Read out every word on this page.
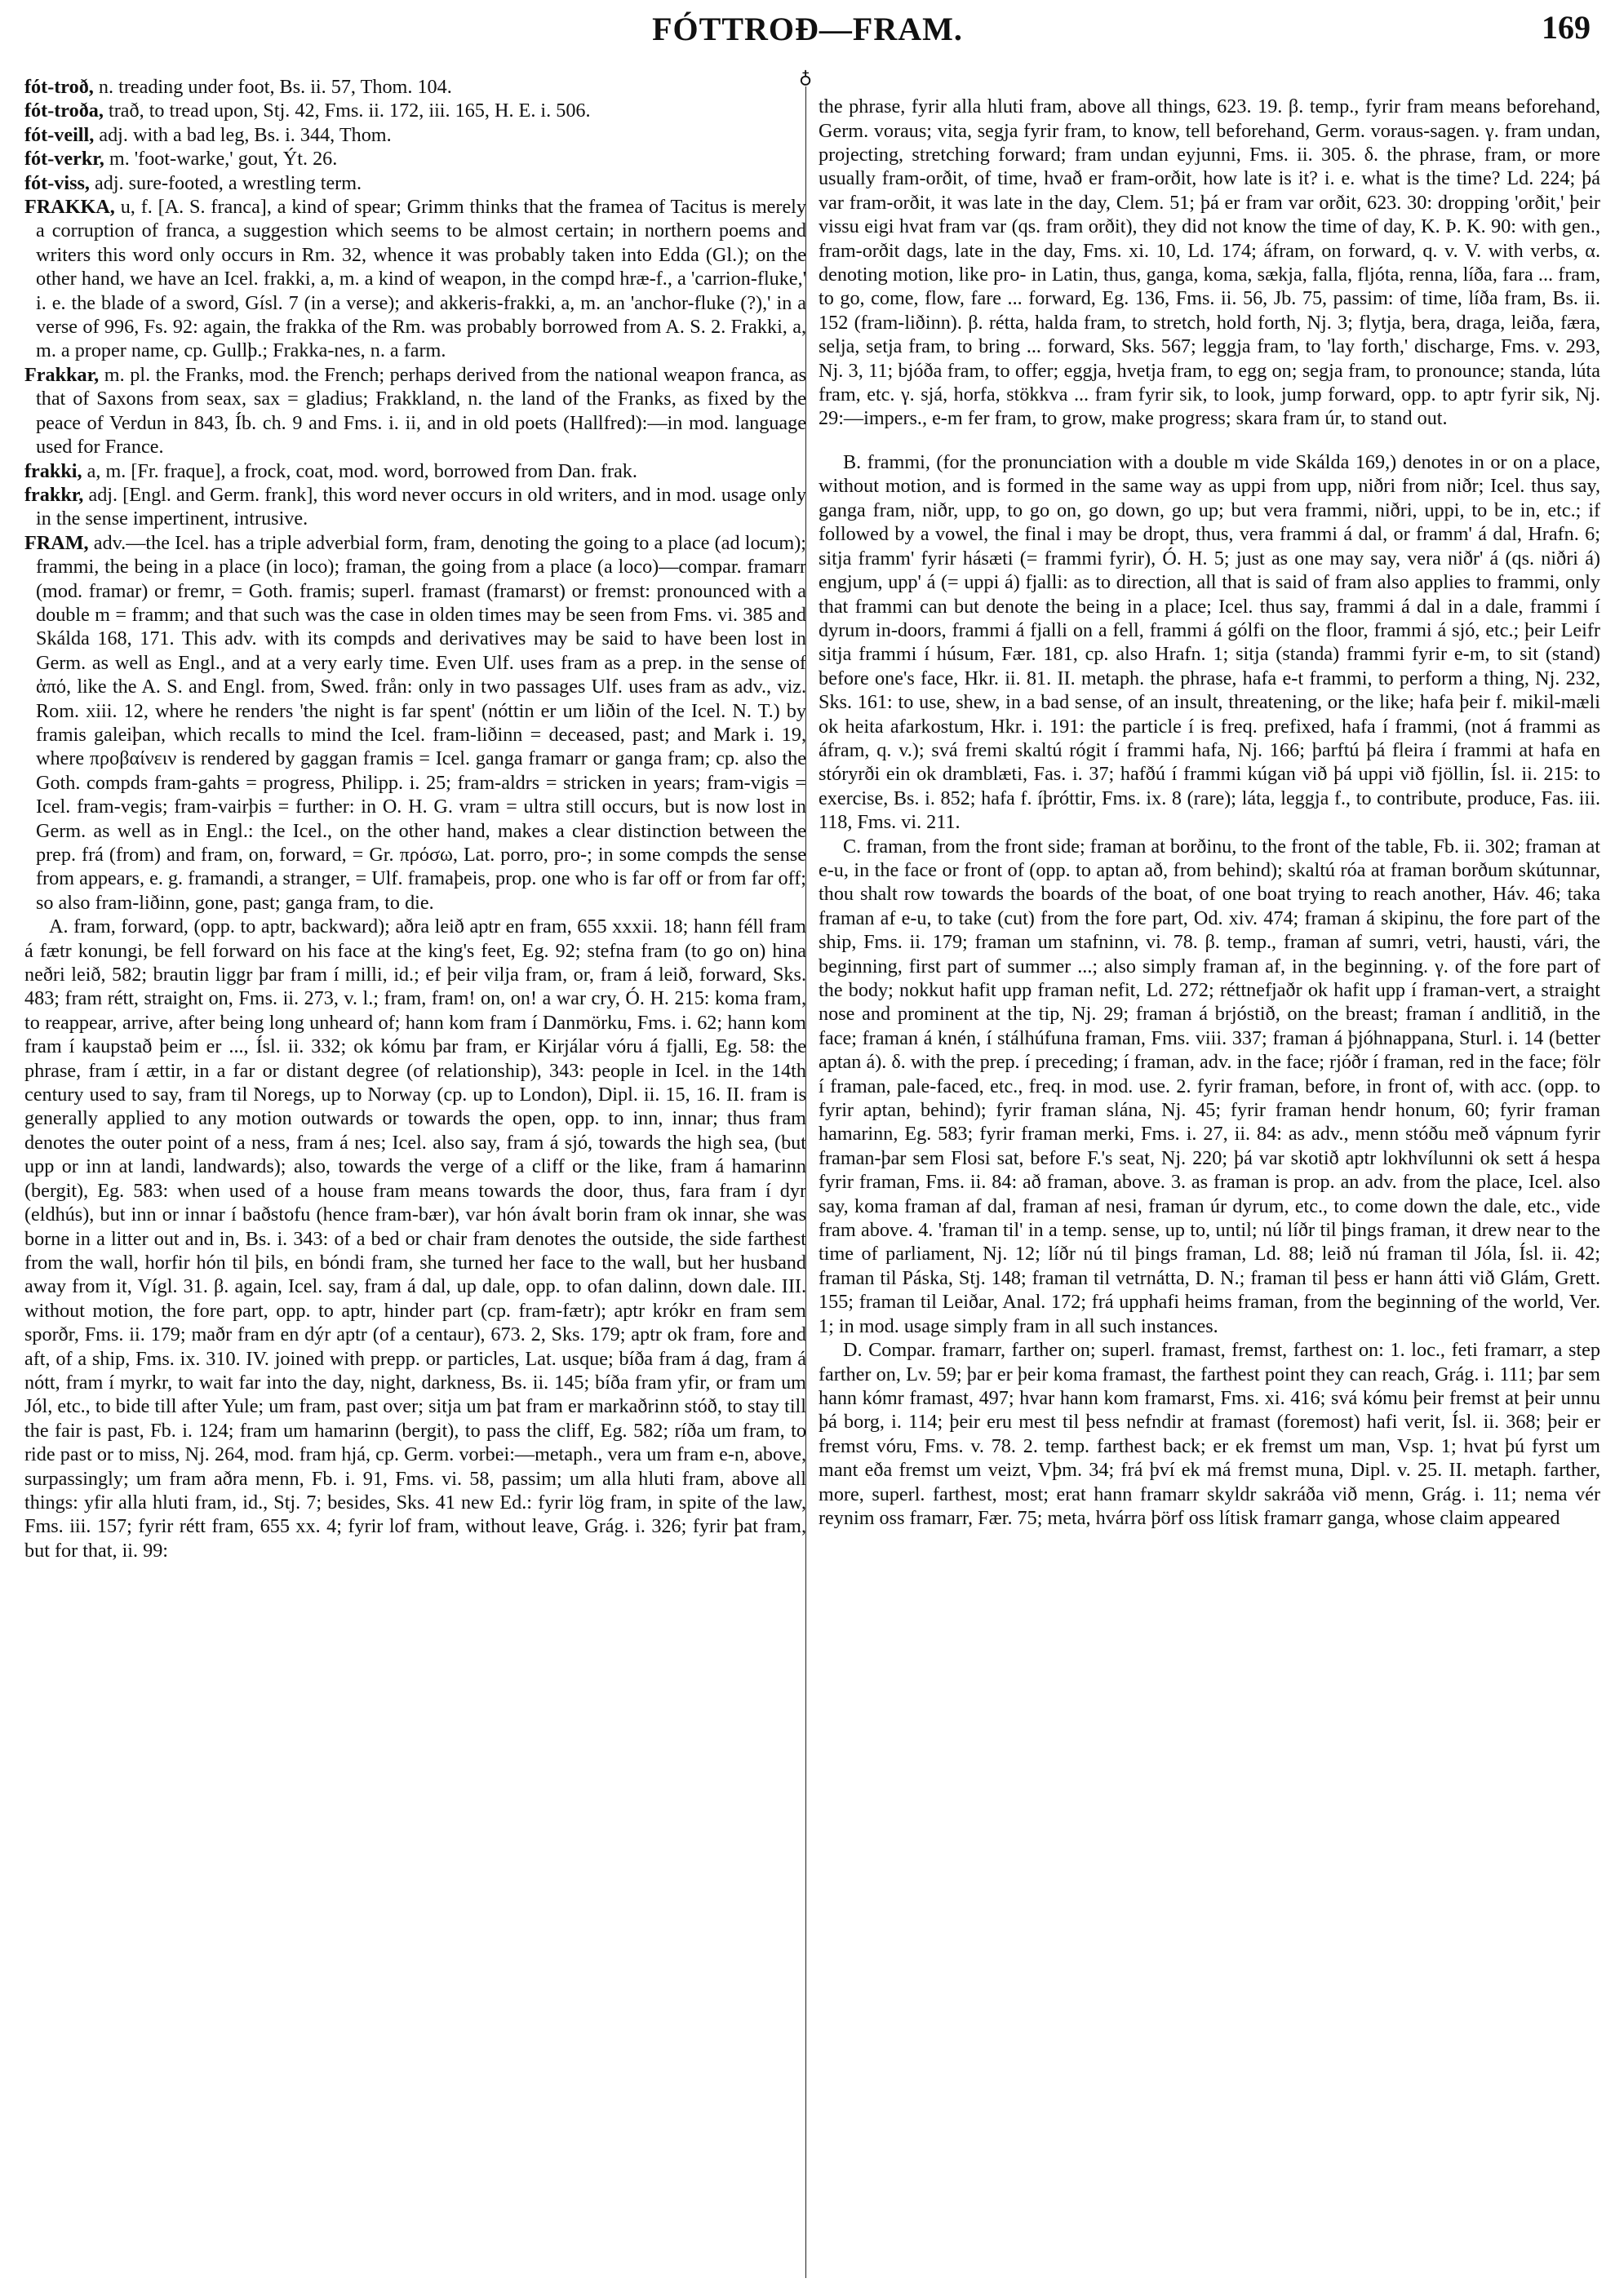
FÓTTROÐ—FRAM.	169

fót-troð, n. treading under foot, Bs. ii. 57, Thom. 104.

fót-troða, trað, to tread upon, Stj. 42, Fms. ii. 172, iii. 165, H. E. i. 506.

fót-veill, adj. with a bad leg, Bs. i. 344, Thom.

fót-verkr, m. 'foot-warke,' gout, Ýt. 26.

fót-viss, adj. sure-footed, a wrestling term.

FRAKKA, u, f. [A. S. franca], a kind of spear; Grimm thinks that the framea of Tacitus is merely a corruption of franca, a suggestion which seems to be almost certain; in northern poems and writers this word only occurs in Rm. 32, whence it was probably taken into Edda (Gl.); on the other hand, we have an Icel. frakki, a, m. a kind of weapon, in the compd hræ-f., a 'carrion-fluke,' i. e. the blade of a sword, Gísl. 7 (in a verse); and akkeris-frakki, a, m. an 'anchor-fluke (?),' in a verse of 996, Fs. 92: again, the frakka of the Rm. was probably borrowed from A. S. 2. Frakki, a, m. a proper name, cp. Gullþ.; Frakka-nes, n. a farm.

Frakkar, m. pl. the Franks, mod. the French; perhaps derived from the national weapon franca, as that of Saxons from seax, sax = gladius; Frakkland, n. the land of the Franks, as fixed by the peace of Verdun in 843, Íb. ch. 9 and Fms. i. ii, and in old poets (Hallfred):—in mod. language used for France.

frakki, a, m. [Fr. fraque], a frock, coat, mod. word, borrowed from Dan. frak.

frakkr, adj. [Engl. and Germ. frank], this word never occurs in old writers, and in mod. usage only in the sense impertinent, intrusive.

FRAM, adv.—the Icel. has a triple adverbial form, fram, denoting the going to a place (ad locum); frammi, the being in a place (in loco); framan, the going from a place (a loco)—compar. framarr (mod. framar) or fremr, = Goth. framis; superl. framast (framarst) or fremst: pronounced with a double m = framm; and that such was the case in olden times may be seen from Fms. vi. 385 and Skálda 168, 171. This adv. with its compds and derivatives may be said to have been lost in Germ. as well as Engl., and at a very early time. Even Ulf. uses fram as a prep. in the sense of ἀπό, like the A. S. and Engl. from, Swed. från: only in two passages Ulf. uses fram as adv., viz. Rom. xiii. 12, where he renders 'the night is far spent' (nóttin er um liðin of the Icel. N. T.) by framis galeiþan, which recalls to mind the Icel. fram-liðinn = deceased, past; and Mark i. 19, where προβαίνειν is rendered by gaggan framis = Icel. ganga framarr or ganga fram; cp. also the Goth. compds fram-gahts = progress, Philipp. i. 25; fram-aldrs = stricken in years; fram-vigis = Icel. fram-vegis; fram-vairþis = further: in O. H. G. vram = ultra still occurs, but is now lost in Germ. as well as in Engl.: the Icel., on the other hand, makes a clear distinction between the prep. frá (from) and fram, on, forward, = Gr. πρόσω, Lat. porro, pro-; in some compds the sense from appears, e. g. framandi, a stranger, = Ulf. framaþeis, prop. one who is far off or from far off; so also fram-liðinn, gone, past; ganga fram, to die.

A. fram, forward, (opp. to aptr, backward); aðra leið aptr en fram, 655 xxxii. 18; hann féll fram á fætr konungi, be fell forward on his face at the king's feet, Eg. 92; stefna fram (to go on) hina neðri leið, 582; brautin liggr þar fram í milli, id.; ef þeir vilja fram, or, fram á leið, forward, Sks. 483; fram rétt, straight on, Fms. ii. 273, v. l.; fram, fram! on, on! a war cry, Ó. H. 215: koma fram, to reappear, arrive, after being long unheard of; hann kom fram í Danmörku, Fms. i. 62; hann kom fram í kaupstað þeim er ..., Ísl. ii. 332; ok kómu þar fram, er Kirjálar vóru á fjalli, Eg. 58: the phrase, fram í ættir, in a far or distant degree (of relationship), 343: people in Icel. in the 14th century used to say, fram til Noregs, up to Norway (cp. up to London), Dipl. ii. 15, 16. II. fram is generally applied to any motion outwards or towards the open, opp. to inn, innar; thus fram denotes the outer point of a ness, fram á nes; Icel. also say, fram á sjó, towards the high sea, (but upp or inn at landi, landwards); also, towards the verge of a cliff or the like, fram á hamarinn (bergit), Eg. 583: when used of a house fram means towards the door, thus, fara fram í dyr (eldhús), but inn or innar í baðstofu (hence fram-bær), var hón ávalt borin fram ok innar, she was borne in a litter out and in, Bs. i. 343: of a bed or chair fram denotes the outside, the side farthest from the wall, horfir hón til þils, en bóndi fram, she turned her face to the wall, but her husband away from it, Vígl. 31. β. again, Icel. say, fram á dal, up dale, opp. to ofan dalinn, down dale. III. without motion, the fore part, opp. to aptr, hinder part (cp. fram-fætr); aptr krókr en fram sem sporðr, Fms. ii. 179; maðr fram en dýr aptr (of a centaur), 673. 2, Sks. 179; aptr ok fram, fore and aft, of a ship, Fms. ix. 310. IV. joined with prepp. or particles, Lat. usque; bíða fram á dag, fram á nótt, fram í myrkr, to wait far into the day, night, darkness, Bs. ii. 145; bíða fram yfir, or fram um Jól, etc., to bide till after Yule; um fram, past over; sitja um þat fram er markaðrinn stóð, to stay till the fair is past, Fb. i. 124; fram um hamarinn (bergit), to pass the cliff, Eg. 582; ríða um fram, to ride past or to miss, Nj. 264, mod. fram hjá, cp. Germ. vorbei:—metaph., vera um fram e-n, above, surpassingly; um fram aðra menn, Fb. i. 91, Fms. vi. 58, passim; um alla hluti fram, above all things: yfir alla hluti fram, id., Stj. 7; besides, Sks. 41 new Ed.: fyrir lög fram, in spite of the law, Fms. iii. 157; fyrir rétt fram, 655 xx. 4; fyrir lof fram, without leave, Grág. i. 326; fyrir þat fram, but for that, ii. 99:

♁

the phrase, fyrir alla hluti fram, above all things, 623. 19. β. temp., fyrir fram means beforehand, Germ. voraus; vita, segja fyrir fram, to know, tell beforehand, Germ. voraus-sagen. γ. fram undan, projecting, stretching forward; fram undan eyjunni, Fms. ii. 305. δ. the phrase, fram, or more usually fram-orðit, of time, hvað er fram-orðit, how late is it? i. e. what is the time? Ld. 224; þá var fram-orðit, it was late in the day, Clem. 51; þá er fram var orðit, 623. 30: dropping 'orðit,' þeir vissu eigi hvat fram var (qs. fram orðit), they did not know the time of day, K. Þ. K. 90: with gen., fram-orðit dags, late in the day, Fms. xi. 10, Ld. 174; áfram, on forward, q. v. V. with verbs, α. denoting motion, like pro- in Latin, thus, ganga, koma, sækja, falla, fljóta, renna, líða, fara ... fram, to go, come, flow, fare ... forward, Eg. 136, Fms. ii. 56, Jb. 75, passim: of time, líða fram, Bs. ii. 152 (fram-liðinn). β. rétta, halda fram, to stretch, hold forth, Nj. 3; flytja, bera, draga, leiða, færa, selja, setja fram, to bring ... forward, Sks. 567; leggja fram, to 'lay forth,' discharge, Fms. v. 293, Nj. 3, 11; bjóða fram, to offer; eggja, hvetja fram, to egg on; segja fram, to pronounce; standa, lúta fram, etc. γ. sjá, horfa, stökkva ... fram fyrir sik, to look, jump forward, opp. to aptr fyrir sik, Nj. 29:—impers., e-m fer fram, to grow, make progress; skara fram úr, to stand out.

B. frammi, (for the pronunciation with a double m vide Skálda 169,) denotes in or on a place, without motion, and is formed in the same way as uppi from upp, niðri from niðr; Icel. thus say, ganga fram, niðr, upp, to go on, go down, go up; but vera frammi, niðri, uppi, to be in, etc.; if followed by a vowel, the final i may be dropt, thus, vera frammi á dal, or framm' á dal, Hrafn. 6; sitja framm' fyrir hásæti (= frammi fyrir), Ó. H. 5; just as one may say, vera niðr' á (qs. niðri á) engjum, upp' á (= uppi á) fjalli: as to direction, all that is said of fram also applies to frammi, only that frammi can but denote the being in a place; Icel. thus say, frammi á dal in a dale, frammi í dyrum in-doors, frammi á fjalli on a fell, frammi á gólfi on the floor, frammi á sjó, etc.; þeir Leifr sitja frammi í húsum, Fær. 181, cp. also Hrafn. 1; sitja (standa) frammi fyrir e-m, to sit (stand) before one's face, Hkr. ii. 81. II. metaph. the phrase, hafa e-t frammi, to perform a thing, Nj. 232, Sks. 161: to use, shew, in a bad sense, of an insult, threatening, or the like; hafa þeir f. mikil-mæli ok heita afarkostum, Hkr. i. 191: the particle í is freq. prefixed, hafa í frammi, (not á frammi as áfram, q. v.); svá fremi skaltú rógit í frammi hafa, Nj. 166; þarftú þá fleira í frammi at hafa en stóryrði ein ok dramblæti, Fas. i. 37; hafðú í frammi kúgan við þá uppi við fjöllin, Ísl. ii. 215: to exercise, Bs. i. 852; hafa f. íþróttir, Fms. ix. 8 (rare); láta, leggja f., to contribute, produce, Fas. iii. 118, Fms. vi. 211.

C. framan, from the front side; framan at borðinu, to the front of the table, Fb. ii. 302; framan at e-u, in the face or front of (opp. to aptan að, from behind); skaltú róa at framan borðum skútunnar, thou shalt row towards the boards of the boat, of one boat trying to reach another, Háv. 46; taka framan af e-u, to take (cut) from the fore part, Od. xiv. 474; framan á skipinu, the fore part of the ship, Fms. ii. 179; framan um stafninn, vi. 78. β. temp., framan af sumri, vetri, hausti, vári, the beginning, first part of summer ...; also simply framan af, in the beginning. γ. of the fore part of the body; nokkut hafit upp framan nefit, Ld. 272; réttnefjaðr ok hafit upp í framan-vert, a straight nose and prominent at the tip, Nj. 29; framan á brjóstið, on the breast; framan í andlitið, in the face; framan á knén, í stálhúfuna framan, Fms. viii. 337; framan á þjóhnappana, Sturl. i. 14 (better aptan á). δ. with the prep. í preceding; í framan, adv. in the face; rjóðr í framan, red in the face; fölr í framan, pale-faced, etc., freq. in mod. use. 2. fyrir framan, before, in front of, with acc. (opp. to fyrir aptan, behind); fyrir framan slána, Nj. 45; fyrir framan hendr honum, 60; fyrir framan hamarinn, Eg. 583; fyrir framan merki, Fms. i. 27, ii. 84: as adv., menn stóðu með vápnum fyrir framan-þar sem Flosi sat, before F.'s seat, Nj. 220; þá var skotið aptr lokhvílunni ok sett á hespa fyrir framan, Fms. ii. 84: að framan, above. 3. as framan is prop. an adv. from the place, Icel. also say, koma framan af dal, framan af nesi, framan úr dyrum, etc., to come down the dale, etc., vide fram above. 4. 'framan til' in a temp. sense, up to, until; nú líðr til þings framan, it drew near to the time of parliament, Nj. 12; líðr nú til þings framan, Ld. 88; leið nú framan til Jóla, Ísl. ii. 42; framan til Páska, Stj. 148; framan til vetrnátta, D. N.; framan til þess er hann átti við Glám, Grett. 155; framan til Leiðar, Anal. 172; frá upphafi heims framan, from the beginning of the world, Ver. 1; in mod. usage simply fram in all such instances.

D. Compar. framarr, farther on; superl. framast, fremst, farthest on: 1. loc., feti framarr, a step farther on, Lv. 59; þar er þeir koma framast, the farthest point they can reach, Grág. i. 111; þar sem hann kómr framast, 497; hvar hann kom framarst, Fms. xi. 416; svá kómu þeir fremst at þeir unnu þá borg, i. 114; þeir eru mest til þess nefndir at framast (foremost) hafi verit, Ísl. ii. 368; þeir er fremst vóru, Fms. v. 78. 2. temp. farthest back; er ek fremst um man, Vsp. 1; hvat þú fyrst um mant eða fremst um veizt, Vþm. 34; frá því ek má fremst muna, Dipl. v. 25. II. metaph. farther, more, superl. farthest, most; erat hann framarr skyldr sakráða við menn, Grág. i. 11; nema vér reynim oss framarr, Fær. 75; meta, hvárra þörf oss lítisk framarr ganga, whose claim appeared
